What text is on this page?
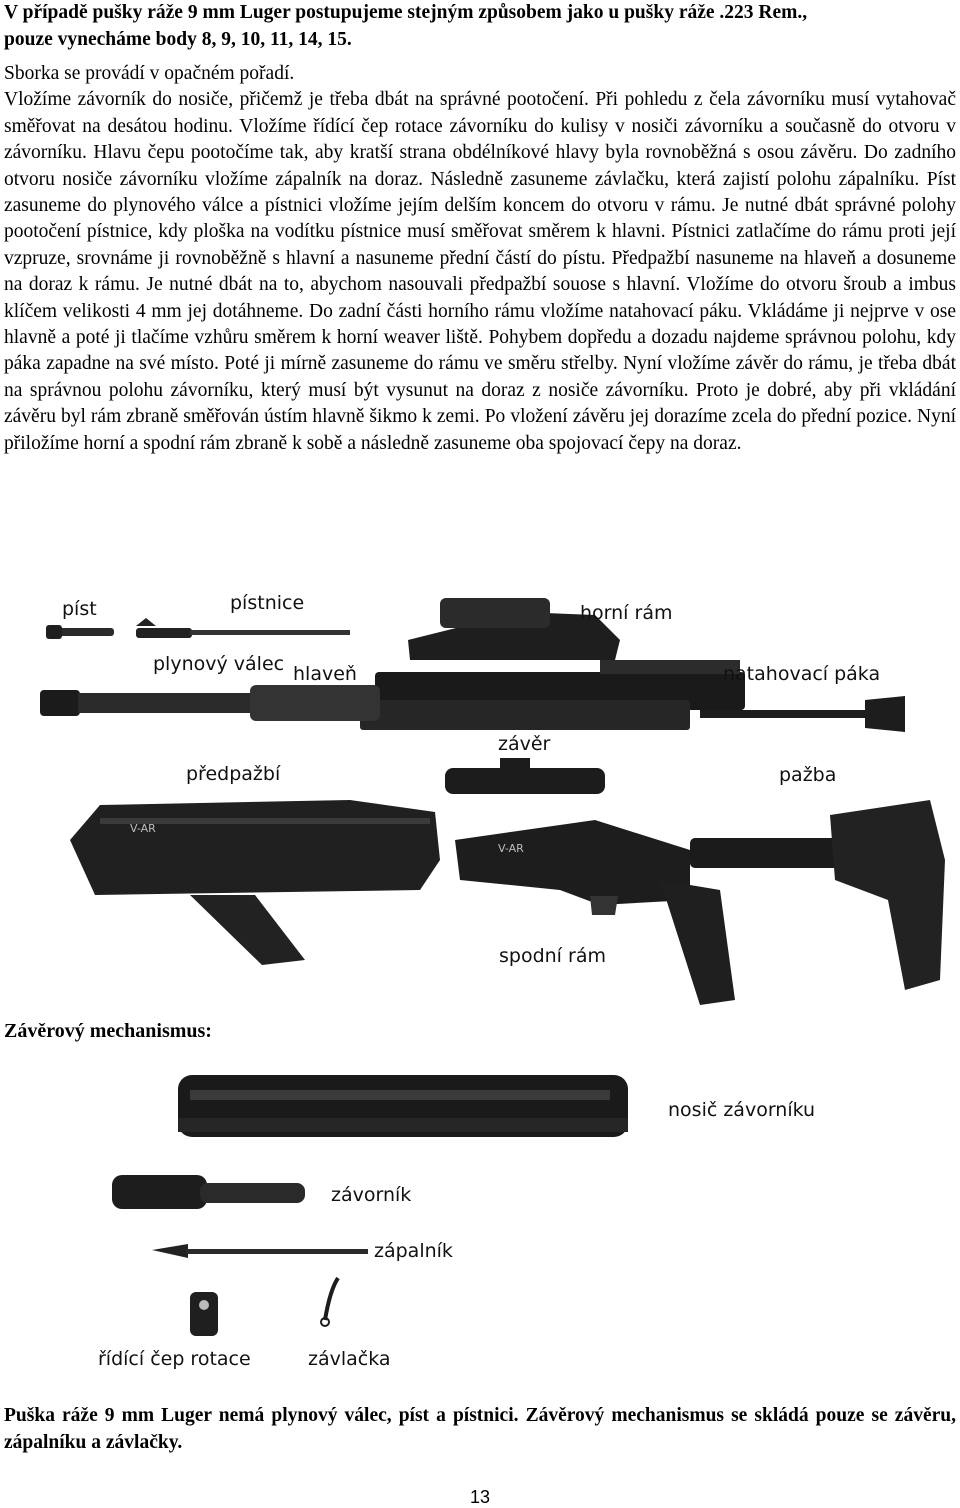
V případě pušky ráže 9 mm Luger postupujeme stejným způsobem jako u pušky ráže .223 Rem.,
pouze vynecháme body 8, 9, 10, 11, 14, 15.

Sborka se provádí v opačném pořadí.

Vložíme závorník do nosiče, přičemž je třeba dbát na správné pootočení. Při pohledu z čela závorníku musí vytahovač směřovat na desátou hodinu. Vložíme řídící čep rotace závorníku do kulisy v nosiči závorníku a současně do otvoru v závorníku. Hlavu čepu pootočíme tak, aby kratší strana obdélníkové hlavy byla rovnoběžná s osou závěru. Do zadního otvoru nosiče závorníku vložíme zápalník na doraz. Následně zasuneme závlačku, která zajistí polohu zápalníku. Píst zasuneme do plynového válce a pístnici vložíme jejím delším koncem do otvoru v rámu. Je nutné dbát správné polohy pootočení pístnice, kdy ploška na vodítku pístnice musí směřovat směrem k hlavni. Pístnici zatlačíme do rámu proti její vzpruze, srovnáme ji rovnoběžně s hlavní a nasuneme přední částí do pístu. Předpažbí nasuneme na hlaveň a dosuneme na doraz k rámu. Je nutné dbát na to, abychom nasouvali předpažbí souose s hlavní. Vložíme do otvoru šroub a imbus klíčem velikosti 4 mm jej dotáhneme. Do zadní části horního rámu vložíme natahovací páku. Vkládáme ji nejprve v ose hlavně a poté ji tlačíme vzhůru směrem k horní weaver liště. Pohybem dopředu a dozadu najdeme správnou polohu, kdy páka zapadne na své místo. Poté ji mírně zasuneme do rámu ve směru střelby. Nyní vložíme závěr do rámu, je třeba dbát na správnou polohu závorníku, který musí být vysunut na doraz z nosiče závorníku. Proto je dobré, aby při vkládání závěru byl rám zbraně směřován ústím hlavně šikmo k zemi. Po vložení závěru jej dorazíme zcela do přední pozice. Nyní přiložíme horní a spodní rám zbraně k sobě a následně zasuneme oba spojovací čepy na doraz.

V-AR
V-AR
píst	pístnice	horní rám
plynový válec hlaveň	natahovací páka
závěr
předpažbí	pažba
spodní rám
Závěrový mechanismus:
nosič závorníku
závorník
zápalník
řídící čep rotace	závlačka
Puška ráže 9 mm Luger nemá plynový válec, píst a pístnici. Závěrový mechanismus se skládá pouze se závěru, zápalníku a závlačky.
13
